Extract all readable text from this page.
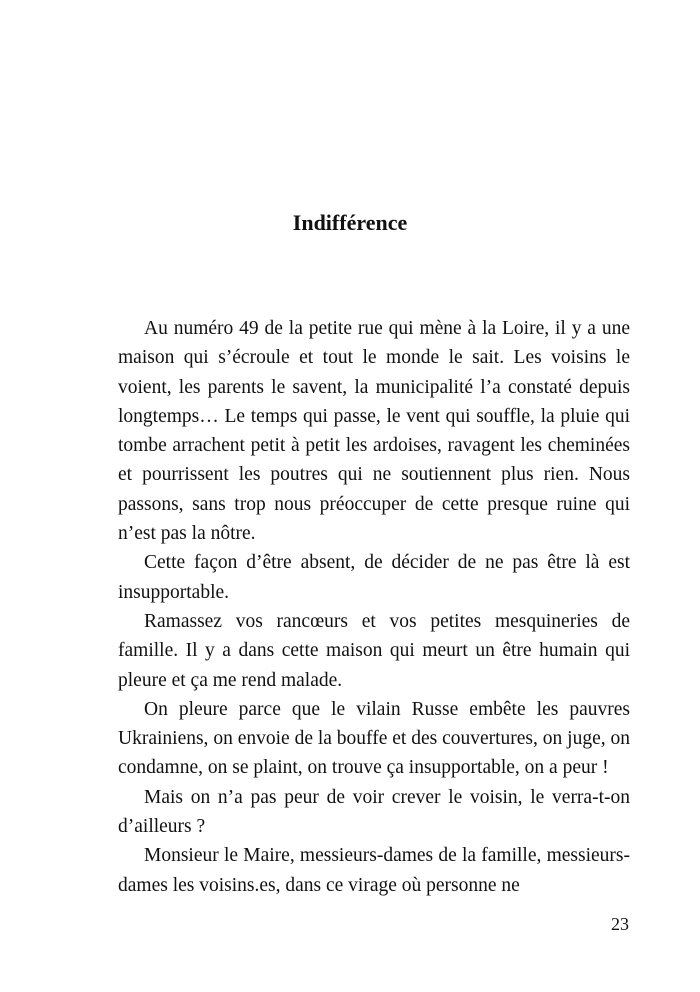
Indifférence

Au numéro 49 de la petite rue qui mène à la Loire, il y a une maison qui s’écroule et tout le monde le sait. Les voisins le voient, les parents le savent, la municipalité l’a constaté depuis longtemps… Le temps qui passe, le vent qui souffle, la pluie qui tombe arrachent petit à petit les ardoises, ravagent les cheminées et pourrissent les poutres qui ne soutiennent plus rien. Nous passons, sans trop nous préoccuper de cette presque ruine qui n’est pas la nôtre.

Cette façon d’être absent, de décider de ne pas être là est insupportable.

Ramassez vos rancœurs et vos petites mesquineries de famille. Il y a dans cette maison qui meurt un être humain qui pleure et ça me rend malade.

On pleure parce que le vilain Russe embête les pauvres Ukrainiens, on envoie de la bouffe et des couvertures, on juge, on condamne, on se plaint, on trouve ça insupportable, on a peur !

Mais on n’a pas peur de voir crever le voisin, le verra-t-on d’ailleurs ?

Monsieur le Maire, messieurs-dames de la famille, messieurs-dames les voisins.es, dans ce virage où personne ne

23
